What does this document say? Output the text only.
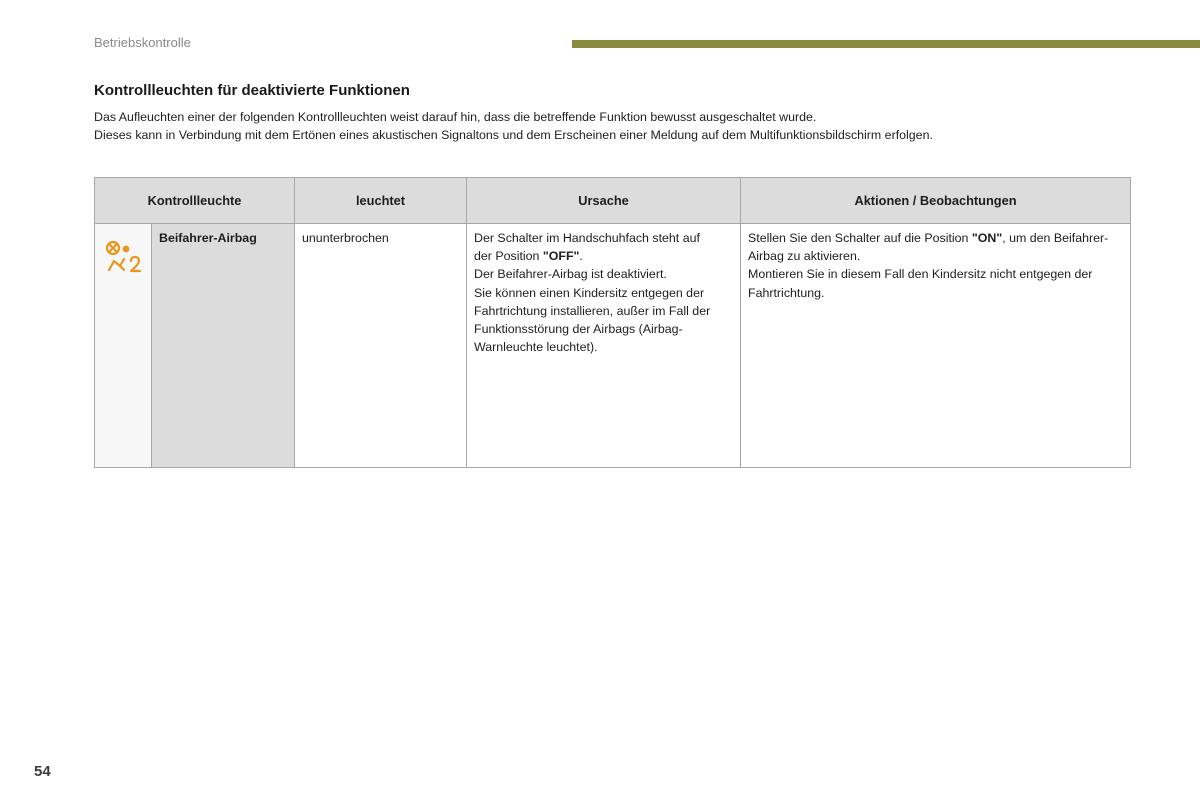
Betriebskontrolle
Kontrollleuchten für deaktivierte Funktionen

Das Aufleuchten einer der folgenden Kontrollleuchten weist darauf hin, dass die betreffende Funktion bewusst ausgeschaltet wurde.

Dieses kann in Verbindung mit dem Ertönen eines akustischen Signaltons und dem Erscheinen einer Meldung auf dem Multifunktionsbildschirm erfolgen.

Kontrollleuchte		leuchtet	Ursache	Aktionen / Beobachtungen
	Beifahrer-Airbag	ununterbrochen	Der Schalter im Handschuhfach steht auf
der Position "OFF".
Der Beifahrer-Airbag ist deaktiviert.
Sie können einen Kindersitz entgegen der Fahrtrichtung installieren, außer im Fall der Funktionsstörung der Airbags (Airbag-Warnleuchte leuchtet).	Stellen Sie den Schalter auf die Position "ON", um den Beifahrer-Airbag zu aktivieren.
Montieren Sie in diesem Fall den Kindersitz nicht entgegen der Fahrtrichtung.
54
